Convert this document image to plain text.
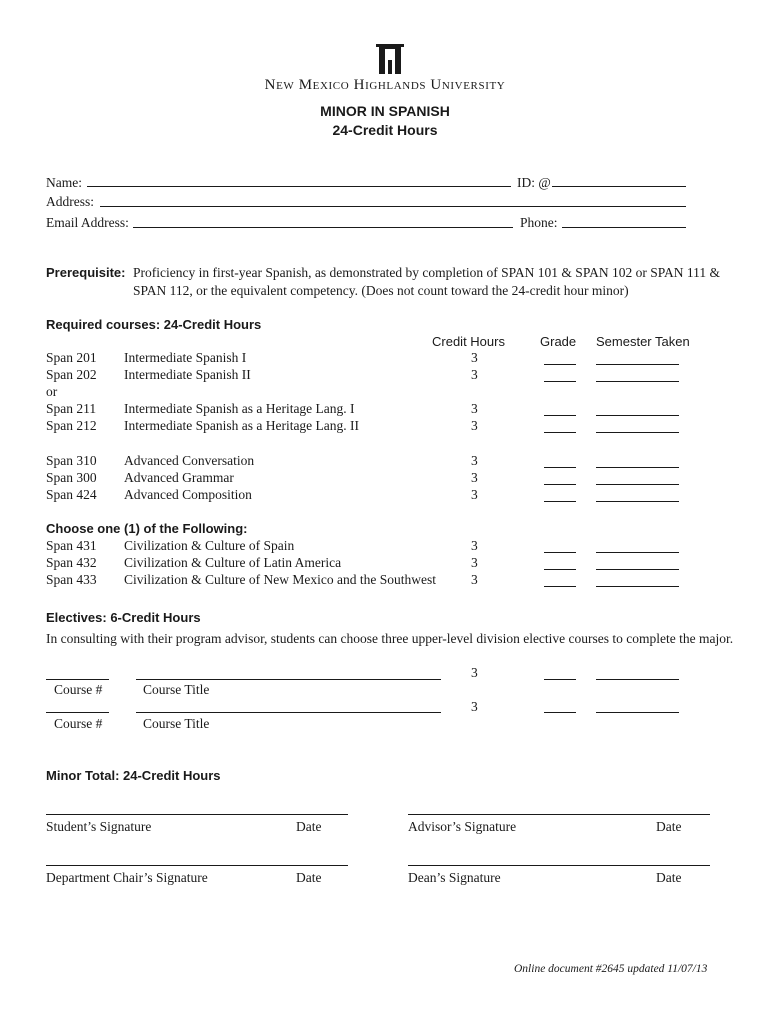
New Mexico Highlands University
MINOR IN SPANISH
24-Credit Hours
Name:	ID: @
Address:
Email Address:	Phone:
Prerequisite: Proficiency in first-year Spanish, as demonstrated by completion of SPAN 101 & SPAN 102 or SPAN 111 &
SPAN 112, or the equivalent competency. (Does not count toward the 24-credit hour minor)
Required courses: 24-Credit Hours
Credit Hours	Grade Semester Taken
Span 201 Intermediate Spanish I	3
Span 202 Intermediate Spanish II	3
or
Span 211 Intermediate Spanish as a Heritage Lang. I	3
Span 212 Intermediate Spanish as a Heritage Lang. II	3
Span 310 Advanced Conversation	3
Span 300 Advanced Grammar	3
Span 424 Advanced Composition	3
Choose one (1) of the Following:
Span 431 Civilization & Culture of Spain	3
Span 432 Civilization & Culture of Latin America	3
Span 433 Civilization & Culture of New Mexico and the Southwest	3
Electives: 6-Credit Hours
In consulting with their program advisor, students can choose three upper-level division elective courses to complete the major.
3
Course #	Course Title
3
Course #	Course Title
Minor Total: 24-Credit Hours
Student’s Signature	Date	Advisor’s Signature	Date
Department Chair’s Signature	Date	Dean’s Signature	Date
Online document #2645 updated 11/07/13
